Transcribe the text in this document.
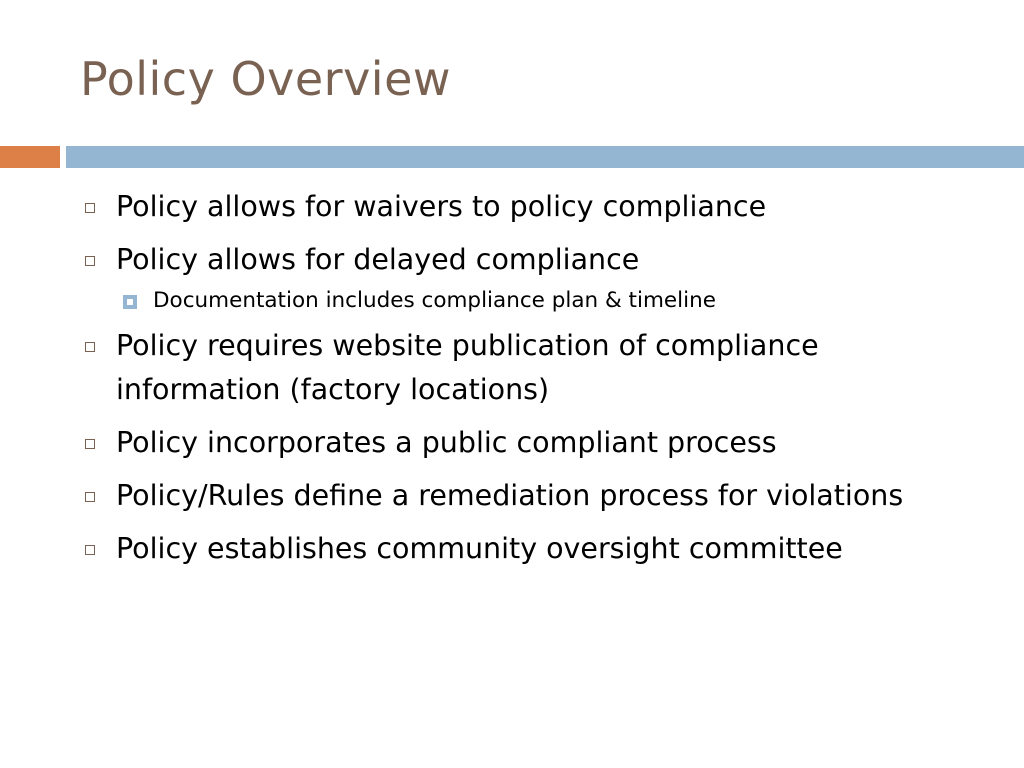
Policy Overview
Policy allows for waivers to policy compliance
Policy allows for delayed compliance
Documentation includes compliance plan & timeline
Policy requires website publication of compliance information (factory locations)
Policy incorporates a public compliant process
Policy/Rules define a remediation process for violations
Policy establishes community oversight committee
